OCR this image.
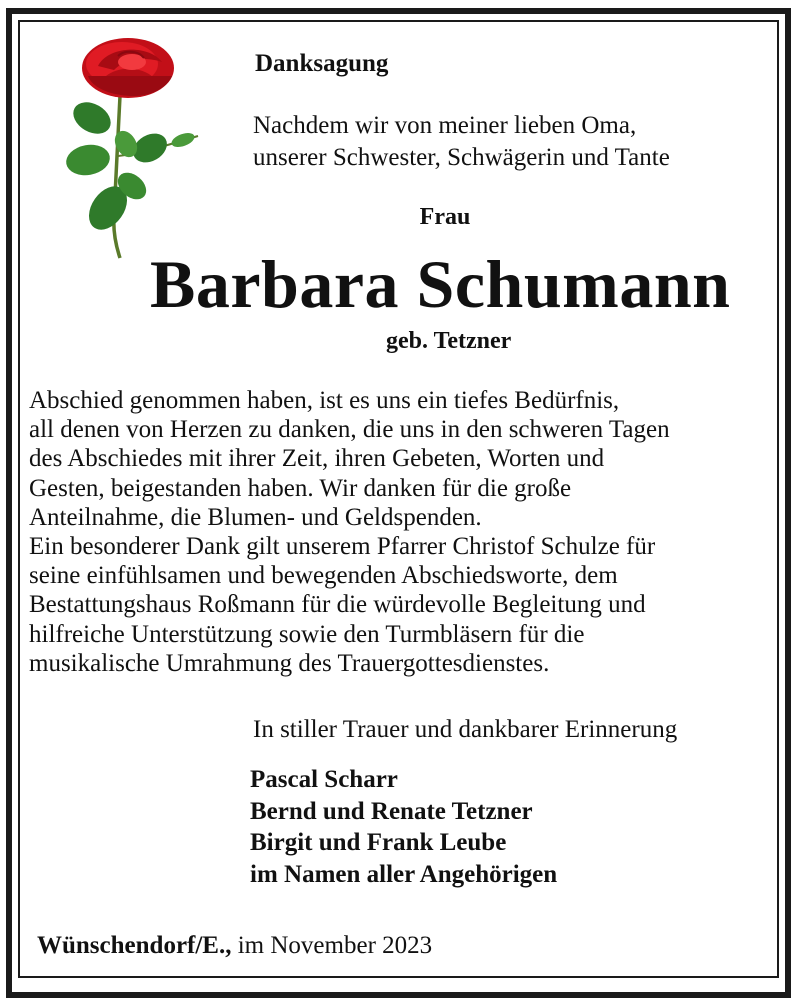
Danksagung
Nachdem wir von meiner lieben Oma,
unserer Schwester, Schwägerin und Tante
Frau
Barbara Schumann
geb. Tetzner

Abschied genommen haben, ist es uns ein tiefes Bedürfnis,

all denen von Herzen zu danken, die uns in den schweren Tagen

des Abschiedes mit ihrer Zeit, ihren Gebeten, Worten und

Gesten, beigestanden haben. Wir danken für die große

Anteilnahme, die Blumen- und Geldspenden.

Ein besonderer Dank gilt unserem Pfarrer Christof Schulze für

seine einfühlsamen und bewegenden Abschiedsworte, dem

Bestattungshaus Roßmann für die würdevolle Begleitung und

hilfreiche Unterstützung sowie den Turmbläsern für die

musikalische Umrahmung des Trauergottesdienstes.

In stiller Trauer und dankbarer Erinnerung
Pascal Scharr
Bernd und Renate Tetzner
Birgit und Frank Leube
im Namen aller Angehörigen
Wünschendorf/E., im November 2023
